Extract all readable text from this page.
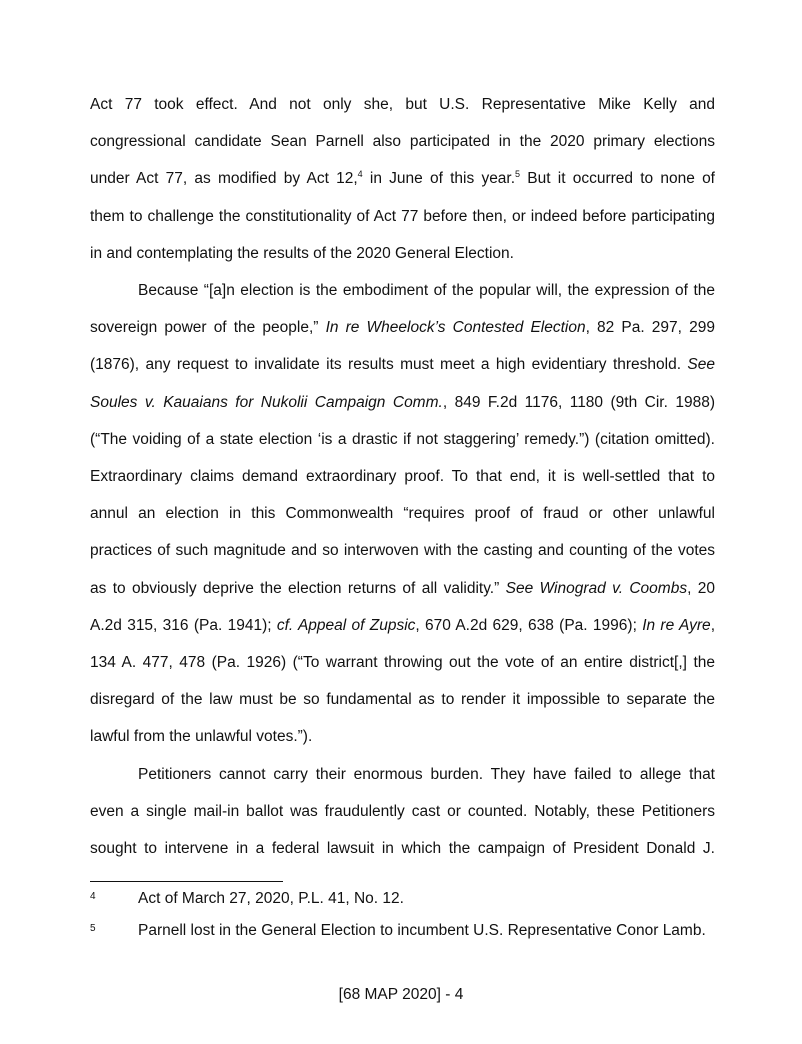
Act 77 took effect. And not only she, but U.S. Representative Mike Kelly and
congressional candidate Sean Parnell also participated in the 2020 primary elections
under Act 77, as modified by Act 12,$^4$ in June of this year.$^5$ But it occurred to none of
them to challenge the constitutionality of Act 77 before then, or indeed before participating
in and contemplating the results of the 2020 General Election.

Because “[a]n election is the embodiment of the popular will, the expression of the
sovereign power of the people,” In re Wheelock’s Contested Election, 82 Pa. 297, 299
(1876), any request to invalidate its results must meet a high evidentiary threshold. See
Soules v. Kauaians for Nukolii Campaign Comm., 849 F.2d 1176, 1180 (9th Cir. 1988)
(“The voiding of a state election ‘is a drastic if not staggering’ remedy.”) (citation omitted).
Extraordinary claims demand extraordinary proof. To that end, it is well-settled that to
annul an election in this Commonwealth “requires proof of fraud or other unlawful
practices of such magnitude and so interwoven with the casting and counting of the votes
as to obviously deprive the election returns of all validity.” See Winograd v. Coombs, 20
A.2d 315, 316 (Pa. 1941); cf. Appeal of Zupsic, 670 A.2d 629, 638 (Pa. 1996); In re Ayre,
134 A. 477, 478 (Pa. 1926) (“To warrant throwing out the vote of an entire district[,] the
disregard of the law must be so fundamental as to render it impossible to separate the
lawful from the unlawful votes.”).

Petitioners cannot carry their enormous burden. They have failed to allege that
even a single mail-in ballot was fraudulently cast or counted. Notably, these Petitioners
sought to intervene in a federal lawsuit in which the campaign of President Donald J.

4	Act of March 27, 2020, P.L. 41, No. 12.
5	Parnell lost in the General Election to incumbent U.S. Representative Conor Lamb.
[68 MAP 2020] - 4
